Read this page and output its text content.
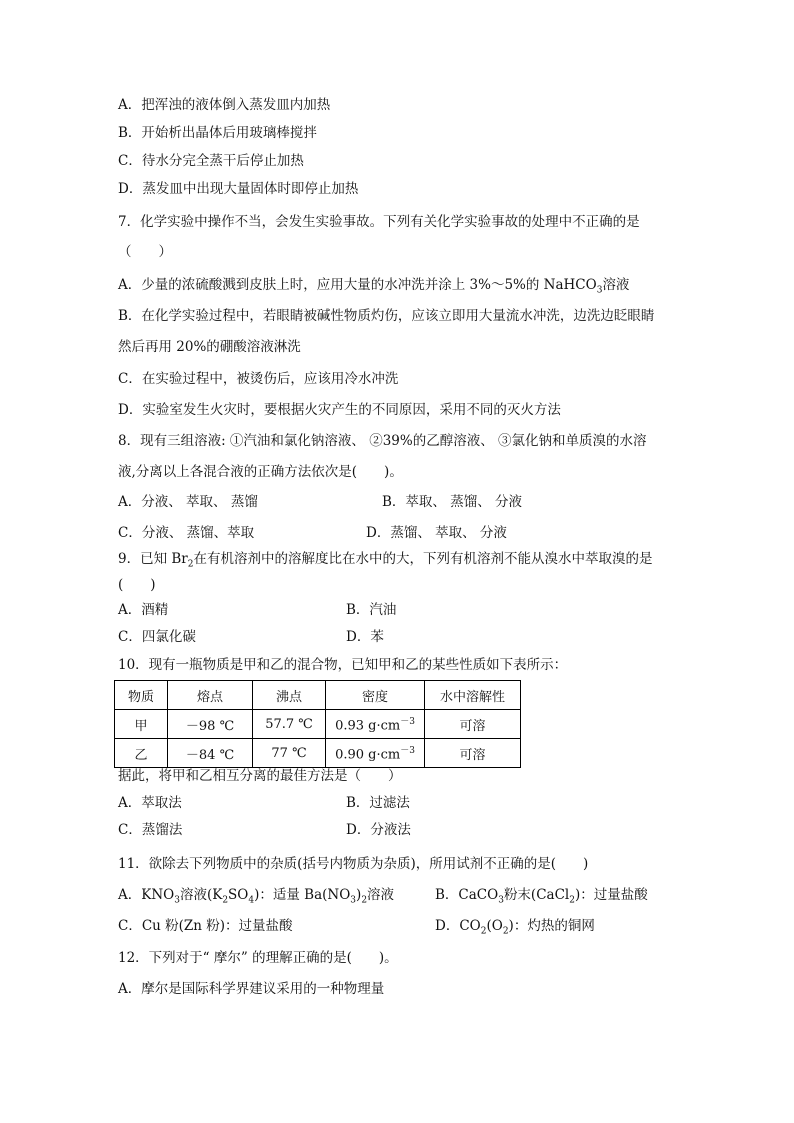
A．把浑浊的液体倒入蒸发皿内加热
B．开始析出晶体后用玻璃棒搅拌
C．待水分完全蒸干后停止加热
D．蒸发皿中出现大量固体时即停止加热
7．化学实验中操作不当，会发生实验事故。下列有关化学实验事故的处理中不正确的是
（　　）
A．少量的浓硫酸溅到皮肤上时，应用大量的水冲洗并涂上 3%～5%的 NaHCO$_3$溶液
B．在化学实验过程中，若眼睛被碱性物质灼伤，应该立即用大量流水冲洗，边洗边眨眼睛
然后再用 20%的硼酸溶液淋洗
C．在实验过程中，被烫伤后，应该用冷水冲洗
D．实验室发生火灾时，要根据火灾产生的不同原因，采用不同的灭火方法
8．现有三组溶液: ①汽油和氯化钠溶液、 ②39%的乙醇溶液、 ③氯化钠和单质溴的水溶
液,分离以上各混合液的正确方法依次是(　　)。
A．分液、 萃取、 蒸馏	B．萃取、 蒸馏、 分液
C．分液、 蒸馏、萃取	D．蒸馏、 萃取、 分液
9．已知 $Br_2$在有机溶剂中的溶解度比在水中的大，下列有机溶剂不能从溴水中萃取溴的是
(　　)
A．酒精	B．汽油
C．四氯化碳	D．苯
10．现有一瓶物质是甲和乙的混合物，已知甲和乙的某些性质如下表所示：
物质	熔点	沸点	密度	水中溶解性
甲	－98 ℃	57.7 ℃	0.93 $g\cdot cm^{-3}$	可溶
乙	－84 ℃	77 ℃	0.90 $g\cdot cm^{-3}$	可溶
据此，将甲和乙相互分离的最佳方法是（　　）
A．萃取法	B．过滤法
C．蒸馏法	D．分液法
11．欲除去下列物质中的杂质(括号内物质为杂质)，所用试剂不正确的是(　　)
A．$KNO_3$溶液$(K_2SO_4)$：适量 $Ba(NO_3)_2$溶液	B．CaCO$_3$粉末(CaCl$_2$)：过量盐酸
C．Cu 粉(Zn 粉)：过量盐酸	D．$CO_2(O_2)$：灼热的铜网
12．下列对于“ 摩尔” 的理解正确的是(　　)。
A．摩尔是国际科学界建议采用的一种物理量
